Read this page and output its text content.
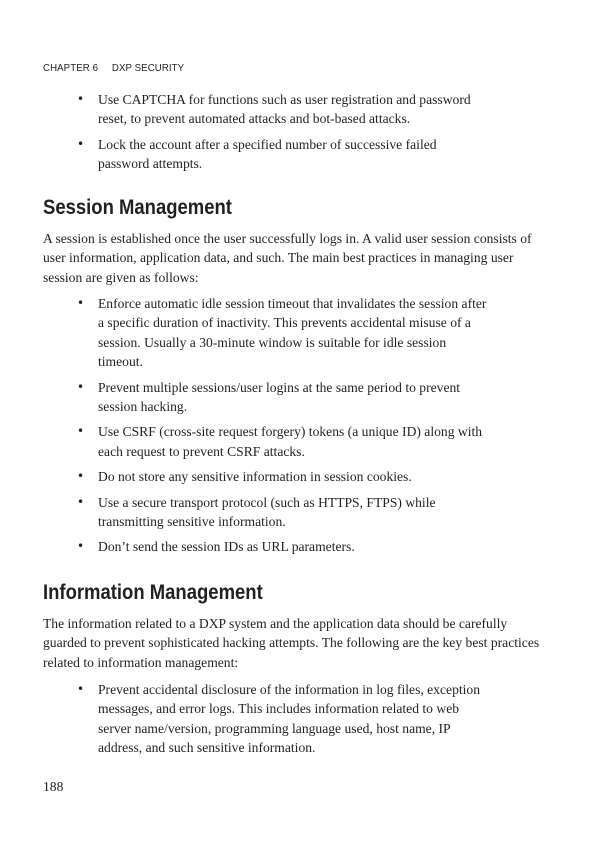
CHAPTER 6 DXP SECURITY
• Use CAPTCHA for functions such as user registration and password reset, to prevent automated attacks and bot-based attacks.
• Lock the account after a specified number of successive failed password attempts.
Session Management

A session is established once the user successfully logs in. A valid user session consists of user information, application data, and such. The main best practices in managing user session are given as follows:

• Enforce automatic idle session timeout that invalidates the session after a specific duration of inactivity. This prevents accidental misuse of a session. Usually a 30-minute window is suitable for idle session timeout.
• Prevent multiple sessions/user logins at the same period to prevent session hacking.
• Use CSRF (cross-site request forgery) tokens (a unique ID) along with each request to prevent CSRF attacks.
• Do not store any sensitive information in session cookies.
• Use a secure transport protocol (such as HTTPS, FTPS) while transmitting sensitive information.
• Don’t send the session IDs as URL parameters.
Information Management

The information related to a DXP system and the application data should be carefully guarded to prevent sophisticated hacking attempts. The following are the key best practices related to information management:

• Prevent accidental disclosure of the information in log files, exception messages, and error logs. This includes information related to web server name/version, programming language used, host name, IP address, and such sensitive information.
188
